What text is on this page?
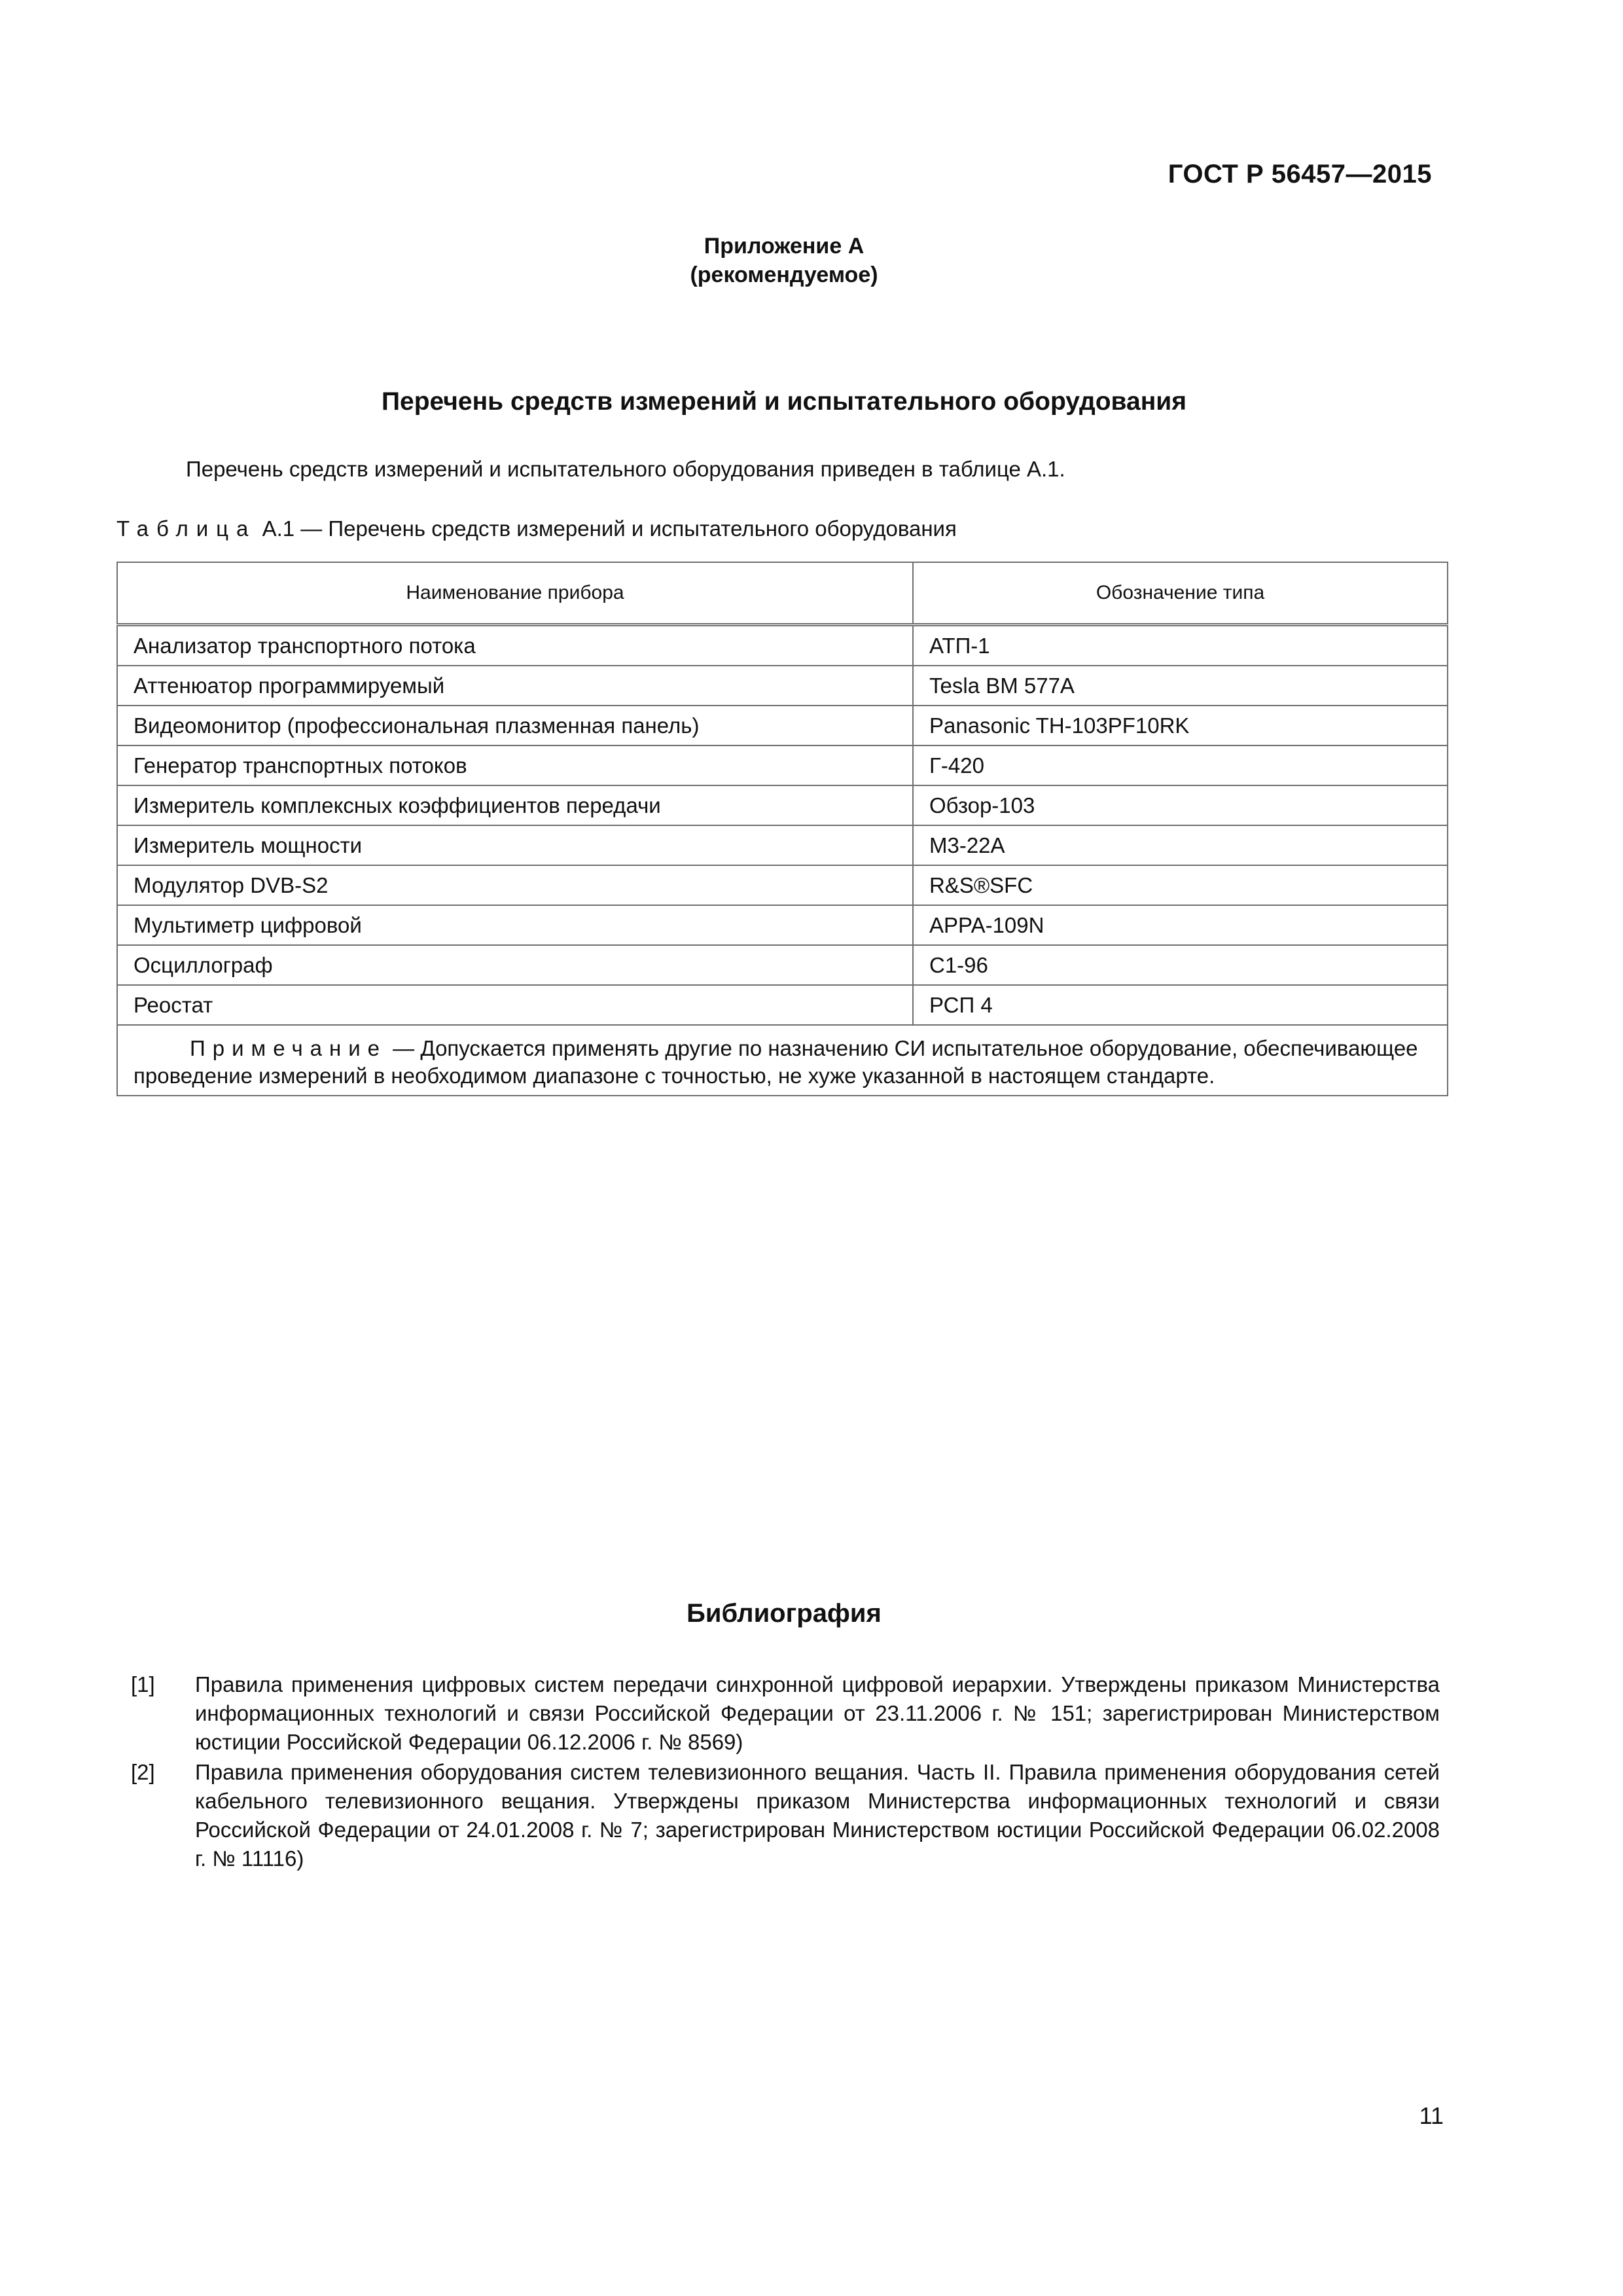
ГОСТ Р 56457—2015
Приложение А
(рекомендуемое)
Перечень средств измерений и испытательного оборудования
Перечень средств измерений и испытательного оборудования приведен в таблице А.1.
Таблица А.1 — Перечень средств измерений и испытательного оборудования
Наименование прибора	Обозначение типа
Анализатор транспортного потока	АТП-1
Аттенюатор программируемый	Tesla BM 577A
Видеомонитор (профессиональная плазменная панель)	Panasonic TH-103PF10RK
Генератор транспортных потоков	Г-420
Измеритель комплексных коэффициентов передачи	Обзор-103
Измеритель мощности	М3-22А
Модулятор DVB-S2	R&S®SFC
Мультиметр цифровой	APPA-109N
Осциллограф	С1-96
Реостат	РСП 4
Примечание — Допускается применять другие по назначению СИ испытательное оборудование, обеспечивающее проведение измерений в необходимом диапазоне с точностью, не хуже указанной в настоящем стандарте.	
Библиография
[1]	Правила применения цифровых систем передачи синхронной цифровой иерархии. Утверждены приказом Министерства информационных технологий и связи Российской Федерации от 23.11.2006 г. № 151; зарегистрирован Министерством юстиции Российской Федерации 06.12.2006 г. № 8569)
[2]	Правила применения оборудования систем телевизионного вещания. Часть II. Правила применения оборудования сетей кабельного телевизионного вещания. Утверждены приказом Министерства информационных технологий и связи Российской Федерации от 24.01.2008 г. № 7; зарегистрирован Министерством юстиции Российской Федерации 06.02.2008 г. № 11116)
11
